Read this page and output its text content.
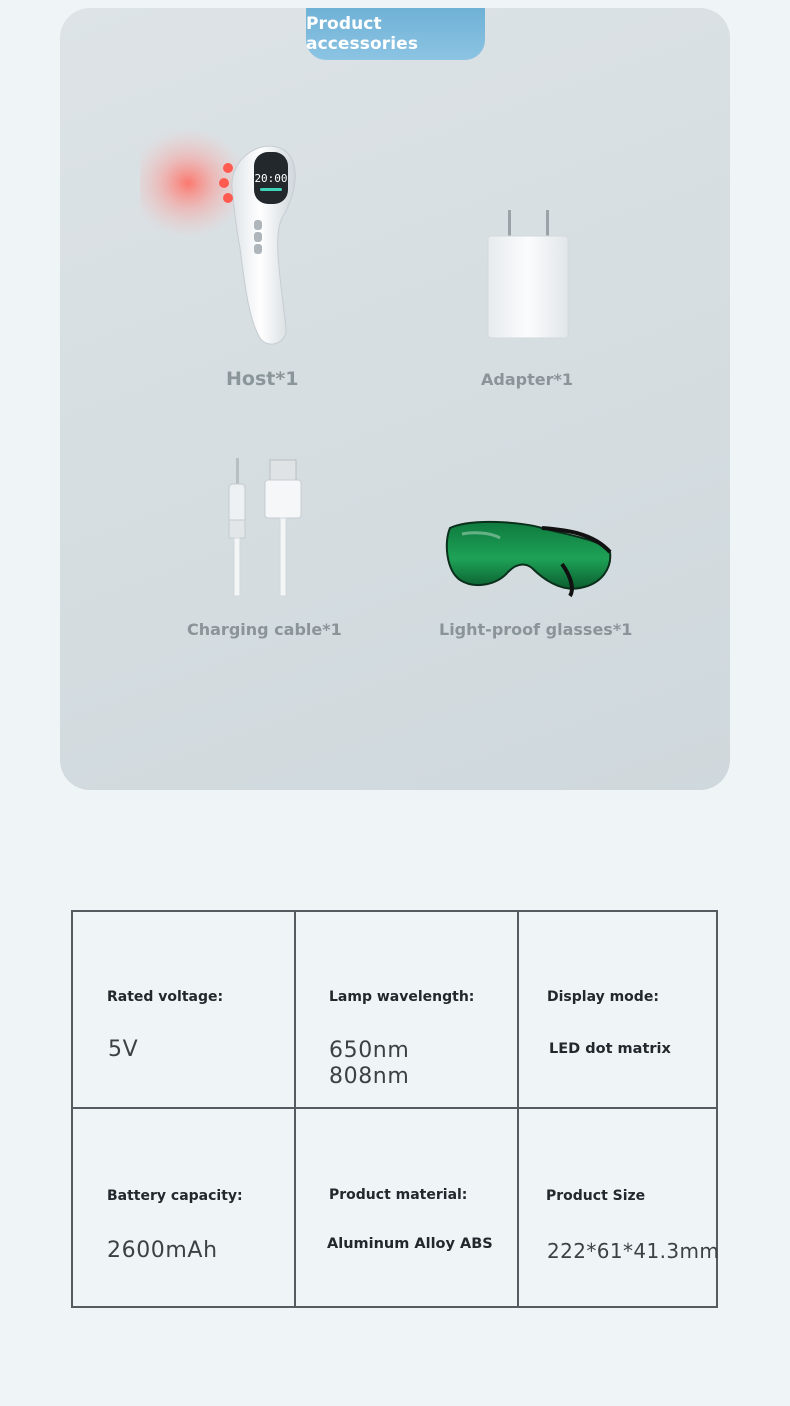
Product accessories
20:00
Host*1	Adapter*1
Charging cable*1	Light-proof glasses*1
Rated voltage:
5V
Lamp wavelength:
650nm
808nm
Display mode:
LED dot matrix
Battery capacity:
2600mAh
Product material:
Aluminum Alloy ABS
Product Size
222*61*41.3mm
